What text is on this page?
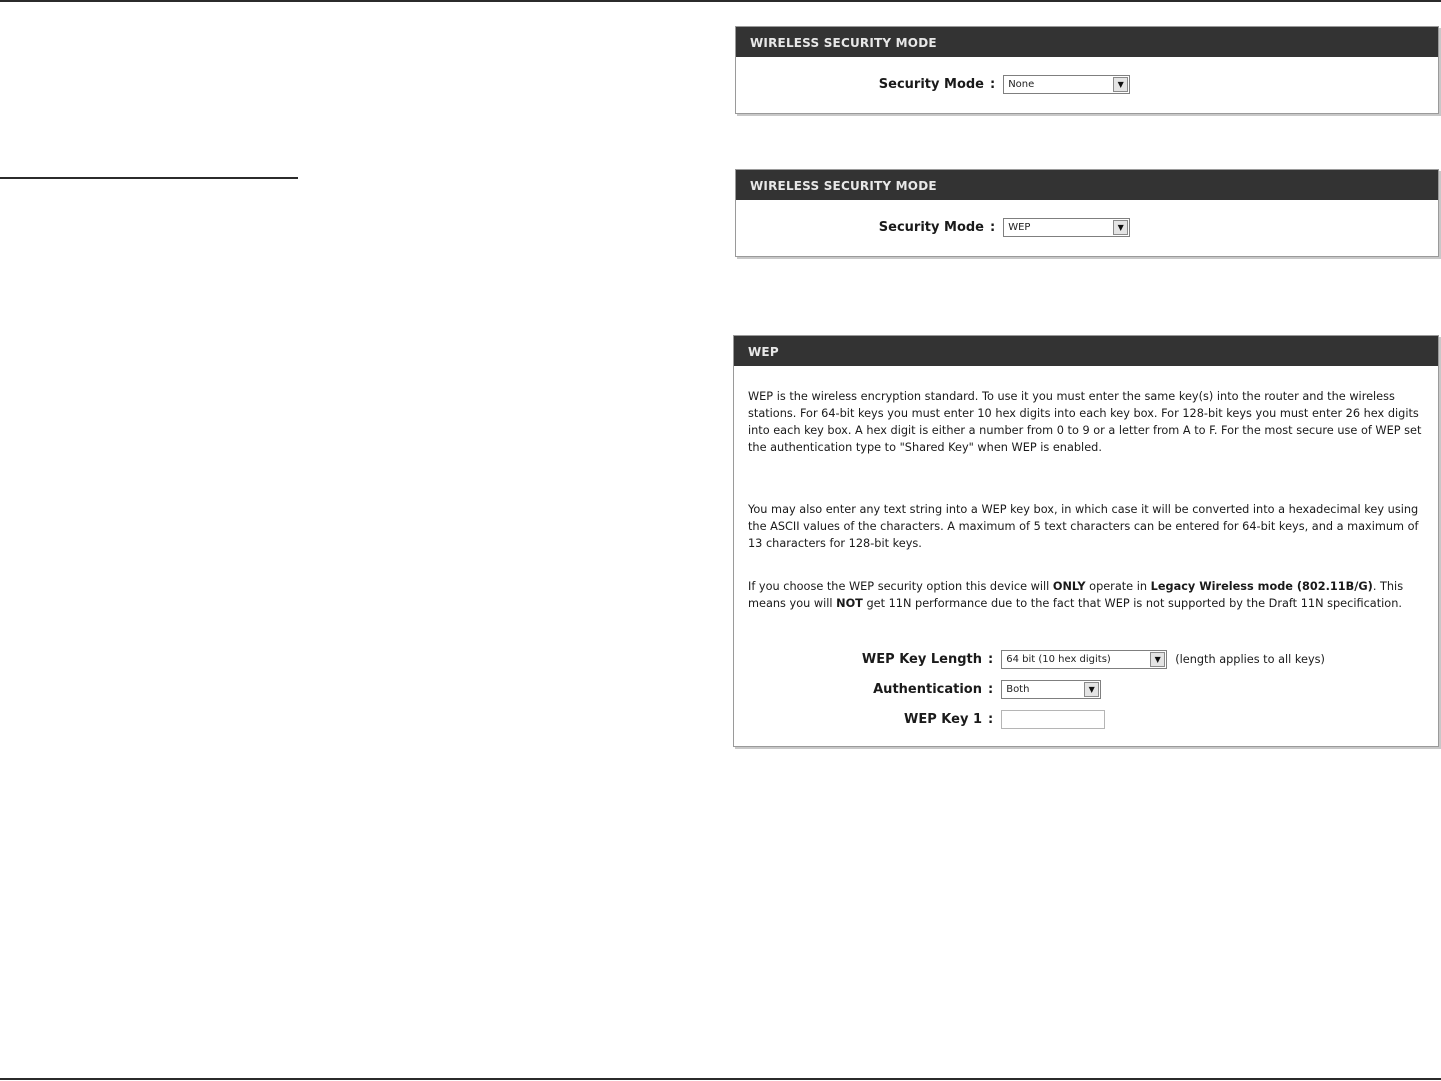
WIRELESS SECURITY MODE
Security Mode :	None	▼
WIRELESS SECURITY MODE
Security Mode :	WEP	▼
WEP
WEP is the wireless encryption standard. To use it you must enter the same key(s) into the router and the wireless stations. For 64-bit keys you must enter 10 hex digits into each key box. For 128-bit keys you must enter 26 hex digits into each key box. A hex digit is either a number from 0 to 9 or a letter from A to F. For the most secure use of WEP set the authentication type to "Shared Key" when WEP is enabled.
You may also enter any text string into a WEP key box, in which case it will be converted into a hexadecimal key using the ASCII values of the characters. A maximum of 5 text characters can be entered for 64-bit keys, and a maximum of 13 characters for 128-bit keys.
If you choose the WEP security option this device will ONLY operate in Legacy Wireless mode (802.11B/G). This means you will NOT get 11N performance due to the fact that WEP is not supported by the Draft 11N specification.
WEP Key Length :	64 bit (10 hex digits)	▼	(length applies to all keys)
Authentication :	Both	▼
WEP Key 1 :
